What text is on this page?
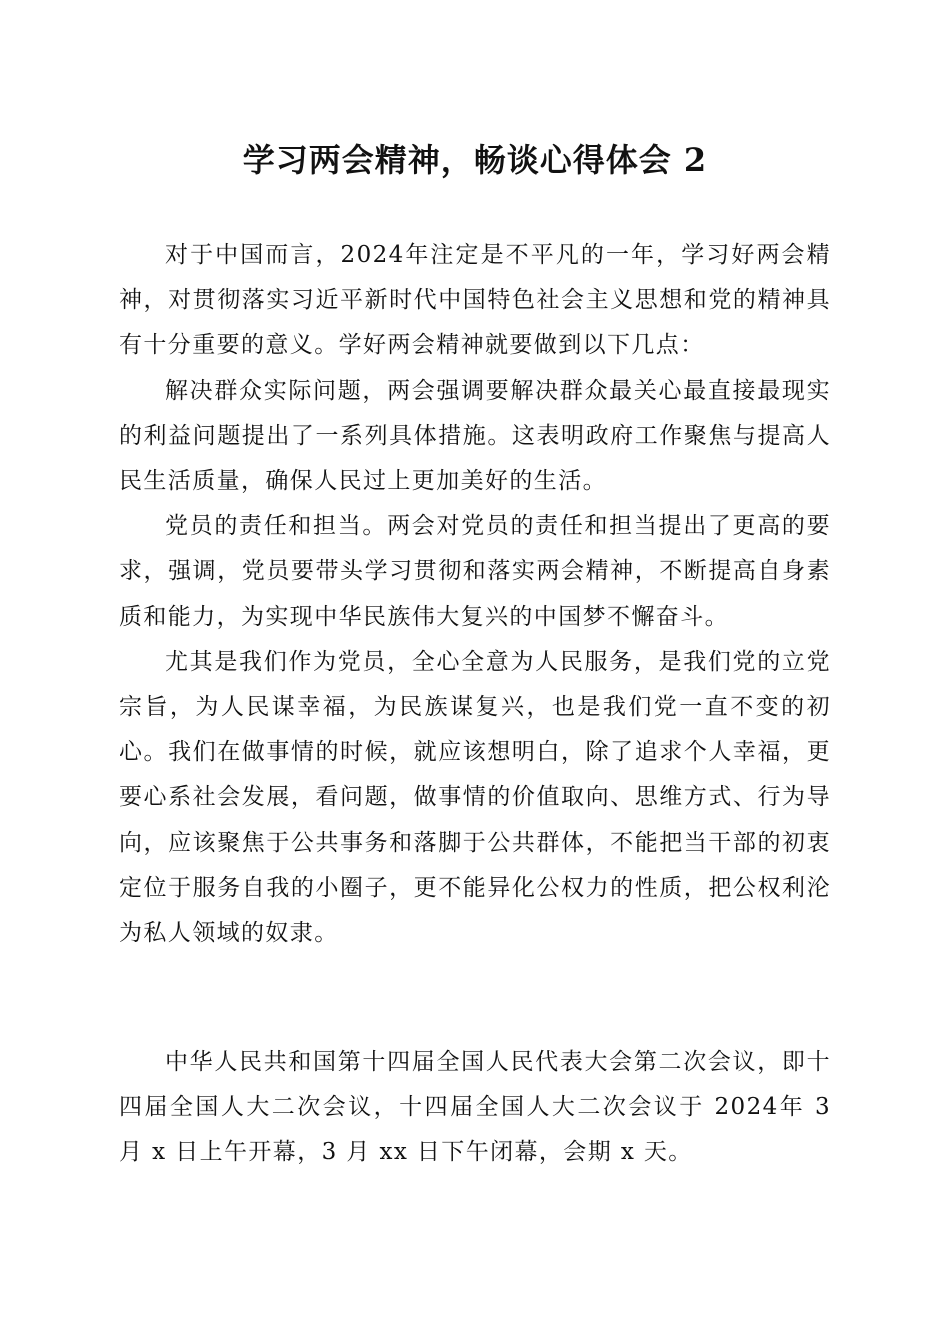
学习两会精神，畅谈心得体会 2

对于中国而言，2024年注定是不平凡的一年，学习好两会精神，对贯彻落实习近平新时代中国特色社会主义思想和党的精神具有十分重要的意义。学好两会精神就要做到以下几点：

解决群众实际问题，两会强调要解决群众最关心最直接最现实的利益问题提出了一系列具体措施。这表明政府工作聚焦与提高人民生活质量，确保人民过上更加美好的生活。

党员的责任和担当。两会对党员的责任和担当提出了更高的要求，强调，党员要带头学习贯彻和落实两会精神，不断提高自身素质和能力，为实现中华民族伟大复兴的中国梦不懈奋斗。

尤其是我们作为党员，全心全意为人民服务，是我们党的立党宗旨，为人民谋幸福，为民族谋复兴，也是我们党一直不变的初心。我们在做事情的时候，就应该想明白，除了追求个人幸福，更要心系社会发展，看问题，做事情的价值取向、思维方式、行为导向，应该聚焦于公共事务和落脚于公共群体，不能把当干部的初衷定位于服务自我的小圈子，更不能异化公权力的性质，把公权利沦为私人领域的奴隶。

中华人民共和国第十四届全国人民代表大会第二次会议，即十四届全国人大二次会议，十四届全国人大二次会议于 2024年 3 月 x 日上午开幕，3 月 xx 日下午闭幕，会期 x 天。
